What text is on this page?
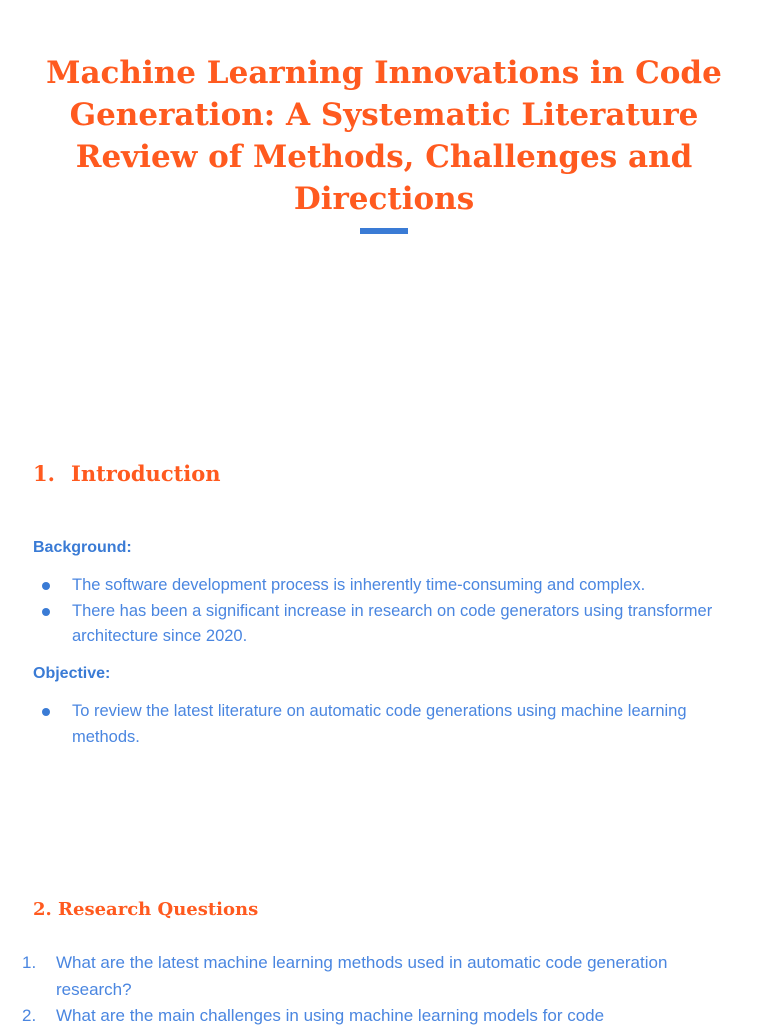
Machine Learning Innovations in Code Generation: A Systematic Literature Review of Methods, Challenges and Directions
1. Introduction

Background:

The software development process is inherently time-consuming and complex.
There has been a significant increase in research on code generators using transformer architecture since 2020.

Objective:

To review the latest literature on automatic code generations using machine learning methods.
2. Research Questions
1. What are the latest machine learning methods used in automatic code generation research?
2. What are the main challenges in using machine learning models for code
